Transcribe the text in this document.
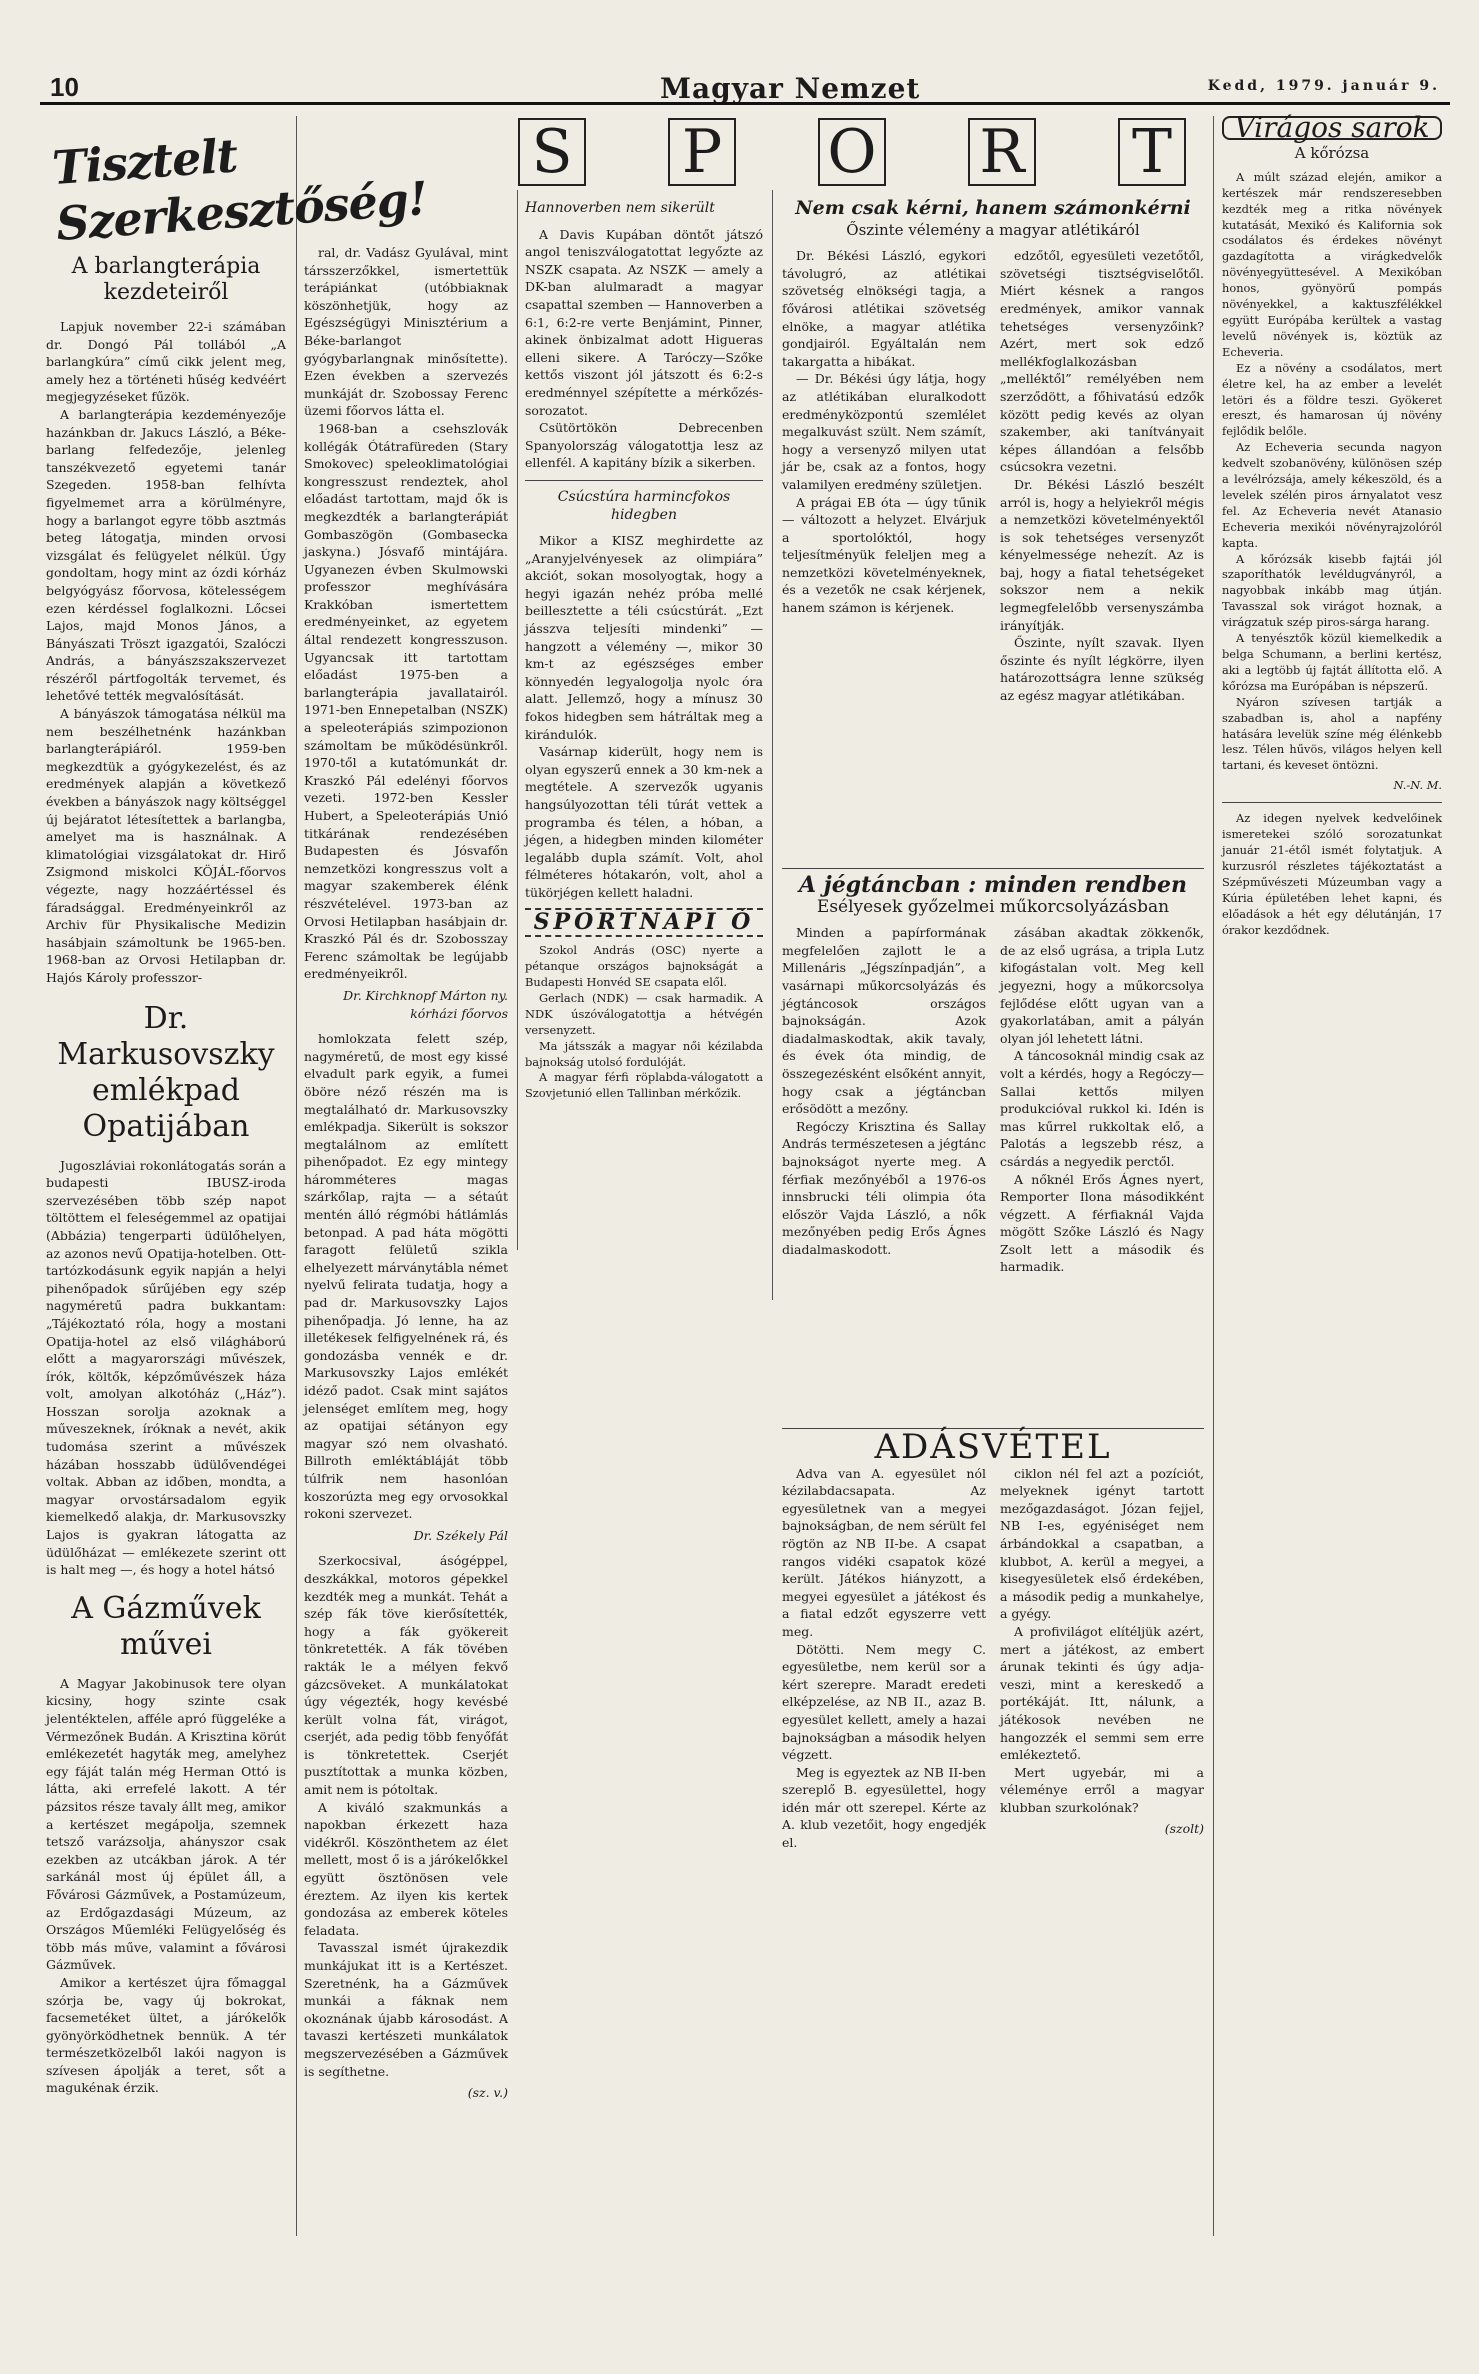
10	Magyar Nemzet	Kedd, 1979. január 9.
Tisztelt Szerkesztőség!
A barlangterápia kezdeteiről

Lapjuk november 22-i számában dr. Dongó Pál tollából „A barlangkúra” című cikk jelent meg, amely hez a történeti hűség kedvéért megjegyzéseket fűzök.

A barlangterápia kezdeményezője hazánkban dr. Jakucs László, a Béke-barlang felfedezője, jelenleg tanszékvezető egyetemi tanár Szegeden. 1958-ban felhívta figyelmemet arra a körülményre, hogy a barlangot egyre több asztmás beteg látogatja, minden orvosi vizsgálat és felügyelet nélkül. Úgy gondoltam, hogy mint az ózdi kórház belgyógyász főorvosa, kötelességem ezen kérdéssel foglalkozni. Lőcsei Lajos, majd Monos János, a Bányászati Tröszt igazgatói, Szalóczi András, a bányászszakszervezet részéről pártfogolták tervemet, és lehetővé tették megvalósítását.

A bányászok támogatása nélkül ma nem beszélhetnénk hazánkban barlangterápiáról. 1959-ben megkezdtük a gyógykezelést, és az eredmények alapján a következő években a bányászok nagy költséggel új bejáratot létesítettek a barlangba, amelyet ma is használnak. A klimatológiai vizsgálatokat dr. Hirő Zsigmond miskolci KÖJÁL-főorvos végezte, nagy hozzáértéssel és fáradsággal. Eredményeinkről az Archiv für Physikalische Medizin hasábjain számoltunk be 1965-ben. 1968-ban az Orvosi Hetilapban dr. Hajós Károly professzor-

Dr. Markusovszky emlékpad Opatijában

Jugoszláviai rokonlátogatás során a budapesti IBUSZ-iroda szervezésében több szép napot töltöttem el feleségemmel az opatijai (Abbázia) tengerparti üdülőhelyen, az azonos nevű Opatija-hotelben. Ott-tartózkodásunk egyik napján a helyi pihenőpadok sűrűjében egy szép nagyméretű padra bukkantam: „Tájékoztató róla, hogy a mostani Opatija-hotel az első világháború előtt a magyarországi művészek, írók, költők, képzőművészek háza volt, amolyan alkotóház („Ház”). Hosszan sorolja azoknak a műveszeknek, íróknak a nevét, akik tudomása szerint a művészek házában hosszabb üdülővendégei voltak. Abban az időben, mondta, a magyar orvostársadalom egyik kiemelkedő alakja, dr. Markusovszky Lajos is gyakran látogatta az üdülőházat — emlékezete szerint ott is halt meg —, és hogy a hotel hátsó

A Gázművek művei

A Magyar Jakobinusok tere olyan kicsiny, hogy szinte csak jelentéktelen, afféle apró függeléke a Vérmezőnek Budán. A Krisztina körút emlékezetét hagyták meg, amelyhez egy fáját talán még Herman Ottó is látta, aki errefelé lakott. A tér pázsitos része tavaly állt meg, amikor a kertészet megápolja, szemnek tetsző varázsolja, ahányszor csak ezekben az utcákban járok. A tér sarkánál most új épület áll, a Fővárosi Gázművek, a Postamúzeum, az Erdőgazdasági Múzeum, az Országos Műemléki Felügyelőség és több más műve, valamint a fővárosi Gázművek.

Amikor a kertészet újra főmaggal szórja be, vagy új bokrokat, facsemetéket ültet, a járókelők gyönyörködhetnek bennük. A tér természetközelből lakói nagyon is szívesen ápolják a teret, sőt a magukénak érzik.

ral, dr. Vadász Gyulával, mint társszerzőkkel, ismertettük terápiánkat (utóbbiaknak köszönhetjük, hogy az Egészségügyi Minisztérium a Béke-barlangot gyógybarlangnak minősítette). Ezen években a szervezés munkáját dr. Szobossay Ferenc üzemi főorvos látta el.

1968-ban a csehszlovák kollégák Ótátrafüreden (Stary Smokovec) speleoklimatológiai kongresszust rendeztek, ahol előadást tartottam, majd ők is megkezdték a barlangterápiát Gombaszögön (Gombasecka jaskyna.) Jósvafő mintájára. Ugyanezen évben Skulmowski professzor meghívására Krakkóban ismertettem eredményeinket, az egyetem által rendezett kongresszuson. Ugyancsak itt tartottam előadást 1975-ben a barlangterápia javallatairól. 1971-ben Ennepetalban (NSZK) a speleoterápiás szimpozionon számoltam be működésünkről. 1970-től a kutatómunkát dr. Kraszkó Pál edelényi főorvos vezeti. 1972-ben Kessler Hubert, a Speleoterápiás Unió titkárának rendezésében Budapesten és Jósvafőn nemzetközi kongresszus volt a magyar szakemberek élénk részvételével. 1973-ban az Orvosi Hetilapban hasábjain dr. Kraszkó Pál és dr. Szobosszay Ferenc számoltak be legújabb eredményeikről.

Dr. Kirchknopf Márton ny. kórházi főorvos

homlokzata felett szép, nagyméretű, de most egy kissé elvadult park egyik, a fumei öböre néző részén ma is megtalálható dr. Markusovszky emlékpadja. Sikerült is sokszor megtalálnom az említett pihenőpadot. Ez egy mintegy háromméteres magas szárkőlap, rajta — a sétaút mentén álló régmóbi hátlámlás betonpad. A pad háta mögötti faragott felületű szikla elhelyezett márványtábla német nyelvű felirata tudatja, hogy a pad dr. Markusovszky Lajos pihenőpadja. Jó lenne, ha az illetékesek felfigyelnének rá, és gondozásba vennék e dr. Markusovszky Lajos emlékét idéző padot. Csak mint sajátos jelenséget említem meg, hogy az opatijai sétányon egy magyar szó nem olvasható. Billroth emléktábláját több túlfrik nem hasonlóan koszorúzta meg egy orvosokkal rokoni szervezet.

Dr. Székely Pál

Szerkocsival, ásógéppel, deszkákkal, motoros gépekkel kezdték meg a munkát. Tehát a szép fák töve kierősítették, hogy a fák gyökereit tönkretették. A fák tövében rakták le a mélyen fekvő gázcsöveket. A munkálatokat úgy végezték, hogy kevésbé került volna fát, virágot, cserjét, ada pedig több fenyőfát is tönkretettek. Cserjét pusztítottak a munka közben, amit nem is pótoltak.

A kiváló szakmunkás a napokban érkezett haza vidékről. Köszönthetem az élet mellett, most ő is a járókelőkkel együtt ösztönösen vele éreztem. Az ilyen kis kertek gondozása az emberek köteles feladata.

Tavasszal ismét újrakezdik munkájukat itt is a Kertészet. Szeretnénk, ha a Gázművek munkái a fáknak nem okoznának újabb károsodást. A tavaszi kertészeti munkálatok megszervezésében a Gázművek is segíthetne.

(sz. v.)
S P O R T
Hannoverben nem sikerült

A Davis Kupában döntőt játszó angol teniszválogatottat legyőzte az NSZK csapata. Az NSZK — amely a DK-ban alulmaradt a magyar csapattal szemben — Hannoverben a 6:1, 6:2-re verte Benjámint, Pinner, akinek önbizalmat adott Higueras elleni sikere. A Taróczy—Szőke kettős viszont jól játszott és 6:2-s eredménnyel szépítette a mérkőzés-sorozatot.

Csütörtökön Debrecenben Spanyolország válogatottja lesz az ellenfél. A kapitány bízik a sikerben.

Csúcstúra harmincfokos hidegben

Mikor a KISZ meghirdette az „Aranyjelvényesek az olimpiára” akciót, sokan mosolyogtak, hogy a hegyi igazán nehéz próba mellé beillesztette a téli csúcstúrát. „Ezt jásszva teljesíti mindenki” — hangzott a vélemény —, mikor 30 km-t az egészséges ember könnyedén legyalogolja nyolc óra alatt. Jellemző, hogy a mínusz 30 fokos hidegben sem hátráltak meg a kirándulók.

Vasárnap kiderült, hogy nem is olyan egyszerű ennek a 30 km-nek a megtétele. A szervezők ugyanis hangsúlyozottan téli túrát vettek a programba és télen, a hóban, a jégen, a hidegben minden kilométer legalább dupla számít. Volt, ahol félméteres hótakarón, volt, ahol a tükörjégen kellett haladni.

SPORTNAPI Ó

Szokol András (OSC) nyerte a pétanque országos bajnokságát a Budapesti Honvéd SE csapata elől.

Gerlach (NDK) — csak harmadik. A NDK úszóválogatottja a hétvégén versenyzett.

Ma játsszák a magyar női kézilabda bajnokság utolsó fordulóját.

A magyar férfi röplabda-válogatott a Szovjetunió ellen Tallinban mérkőzik.

Nem csak kérni, hanem számonkérni
Őszinte vélemény a magyar atlétikáról

Dr. Békési László, egykori távolugró, az atlétikai szövetség elnökségi tagja, a fővárosi atlétikai szövetség elnöke, a magyar atlétika gondjairól. Egyáltalán nem takargatta a hibákat.

— Dr. Békési úgy látja, hogy az atlétikában eluralkodott eredményközpontú szemlélet megalkuvást szült. Nem számít, hogy a versenyző milyen utat jár be, csak az a fontos, hogy valamilyen eredmény születjen.

A prágai EB óta — úgy tűnik — változott a helyzet. Elvárjuk a sportolóktól, hogy teljesítményük feleljen meg a nemzetközi követelményeknek, és a vezetők ne csak kérjenek, hanem számon is kérjenek.

edzőtől, egyesületi vezetőtől, szövetségi tisztségviselőtől. Miért késnek a rangos eredmények, amikor vannak tehetséges versenyzőink? Azért, mert sok edző mellékfoglalkozásban „melléktől” remélyében nem szerződött, a főhivatású edzők között pedig kevés az olyan szakember, aki tanítványait képes állandóan a felsőbb csúcsokra vezetni.

Dr. Békési László beszélt arról is, hogy a helyiekről mégis a nemzetközi követelményektől is sok tehetséges versenyzőt kényelmessége nehezít. Az is baj, hogy a fiatal tehetségeket sokszor nem a nekik legmegfelelőbb versenyszámba irányítják.

Őszinte, nyílt szavak. Ilyen őszinte és nyílt légkörre, ilyen határozottságra lenne szükség az egész magyar atlétikában.

A jégtáncban : minden rendben
Esélyesek győzelmei műkorcsolyázásban

Minden a papírformának megfelelően zajlott le a Millenáris „Jégszínpadján”, a vasárnapi műkorcsolyázás és jégtáncosok országos bajnokságán. Azok diadalmaskodtak, akik tavaly, és évek óta mindig, de összegezésként elsőként annyit, hogy csak a jégtáncban erősödött a mezőny.

Regóczy Krisztina és Sallay András természetesen a jégtánc bajnokságot nyerte meg. A férfiak mezőnyéből a 1976-os innsbrucki téli olimpia óta először Vajda László, a nők mezőnyében pedig Erős Ágnes diadalmaskodott.

zásában akadtak zökkenők, de az első ugrása, a tripla Lutz kifogástalan volt. Meg kell jegyezni, hogy a műkorcsolya fejlődése előtt ugyan van a gyakorlatában, amit a pályán olyan jól lehetett látni.

A táncosoknál mindig csak az volt a kérdés, hogy a Regóczy—Sallai kettős milyen produkcióval rukkol ki. Idén is mas kűrrel rukkoltak elő, a Palotás a legszebb rész, a csárdás a negyedik perctől.

A nőknél Erős Ágnes nyert, Remporter Ilona másodikként végzett. A férfiaknál Vajda mögött Szőke László és Nagy Zsolt lett a második és harmadik.

ADÁSVÉTEL

Adva van A. egyesület nól kézilabdacsapata. Az egyesületnek van a megyei bajnokságban, de nem sérült fel rögtön az NB II-be. A csapat rangos vidéki csapatok közé került. Játékos hiányzott, a megyei egyesület a játékost és a fiatal edzőt egyszerre vett meg.

Dötötti. Nem megy C. egyesületbe, nem kerül sor a kért szerepre. Maradt eredeti elképzelése, az NB II., azaz B. egyesület kellett, amely a hazai bajnokságban a második helyen végzett.

Meg is egyeztek az NB II-ben szereplő B. egyesülettel, hogy idén már ott szerepel. Kérte az A. klub vezetőit, hogy engedjék el.

ciklon nél fel azt a pozíciót, melyeknek igényt tartott mezőgazdaságot. Józan fejjel, NB I-es, egyéniséget nem árbándokkal a csapatban, a klubbot, A. kerül a megyei, a kisegyesületek első érdekében, a második pedig a munkahelye, a gyégy.

A profivilágot elítéljük azért, mert a játékost, az embert árunak tekinti és úgy adja-veszi, mint a kereskedő a portékáját. Itt, nálunk, a játékosok nevében ne hangozzék el semmi sem erre emlékeztető.

Mert ugyebár, mi a véleménye erről a magyar klubban szurkolónak?

(szolt)
Virágos sarok
A kőrózsa

A múlt század elején, amikor a kertészek már rendszeresebben kezdték meg a ritka növények kutatását, Mexikó és Kalifornia sok csodálatos és érdekes növényt gazdagította a virágkedvelők növényegyüttesével. A Mexikóban honos, gyönyörű pompás növényekkel, a kaktuszfélékkel együtt Európába kerültek a vastag levelű növények is, köztük az Echeveria.

Ez a növény a csodálatos, mert életre kel, ha az ember a levelét letöri és a földre teszi. Gyökeret ereszt, és hamarosan új növény fejlődik belőle.

Az Echeveria secunda nagyon kedvelt szobanövény, különösen szép a levélrózsája, amely kékeszöld, és a levelek szélén piros árnyalatot vesz fel. Az Echeveria nevét Atanasio Echeveria mexikói növényrajzolóról kapta.

A kőrózsák kisebb fajtái jól szaporíthatók levéldugványról, a nagyobbak inkább mag útján. Tavasszal sok virágot hoznak, a virágzatuk szép piros-sárga harang.

A tenyésztők közül kiemelkedik a belga Schumann, a berlini kertész, aki a legtöbb új fajtát állította elő. A kőrózsa ma Európában is népszerű.

Nyáron szívesen tartják a szabadban is, ahol a napfény hatására levelük színe még élénkebb lesz. Télen hűvös, világos helyen kell tartani, és keveset öntözni.

N.-N. M.

Az idegen nyelvek kedvelőinek ismeretekei szóló sorozatunkat január 21-étől ismét folytatjuk. A kurzusról részletes tájékoztatást a Szépművészeti Múzeumban vagy a Kúria épületében lehet kapni, és előadások a hét egy délutánján, 17 órakor kezdődnek.
